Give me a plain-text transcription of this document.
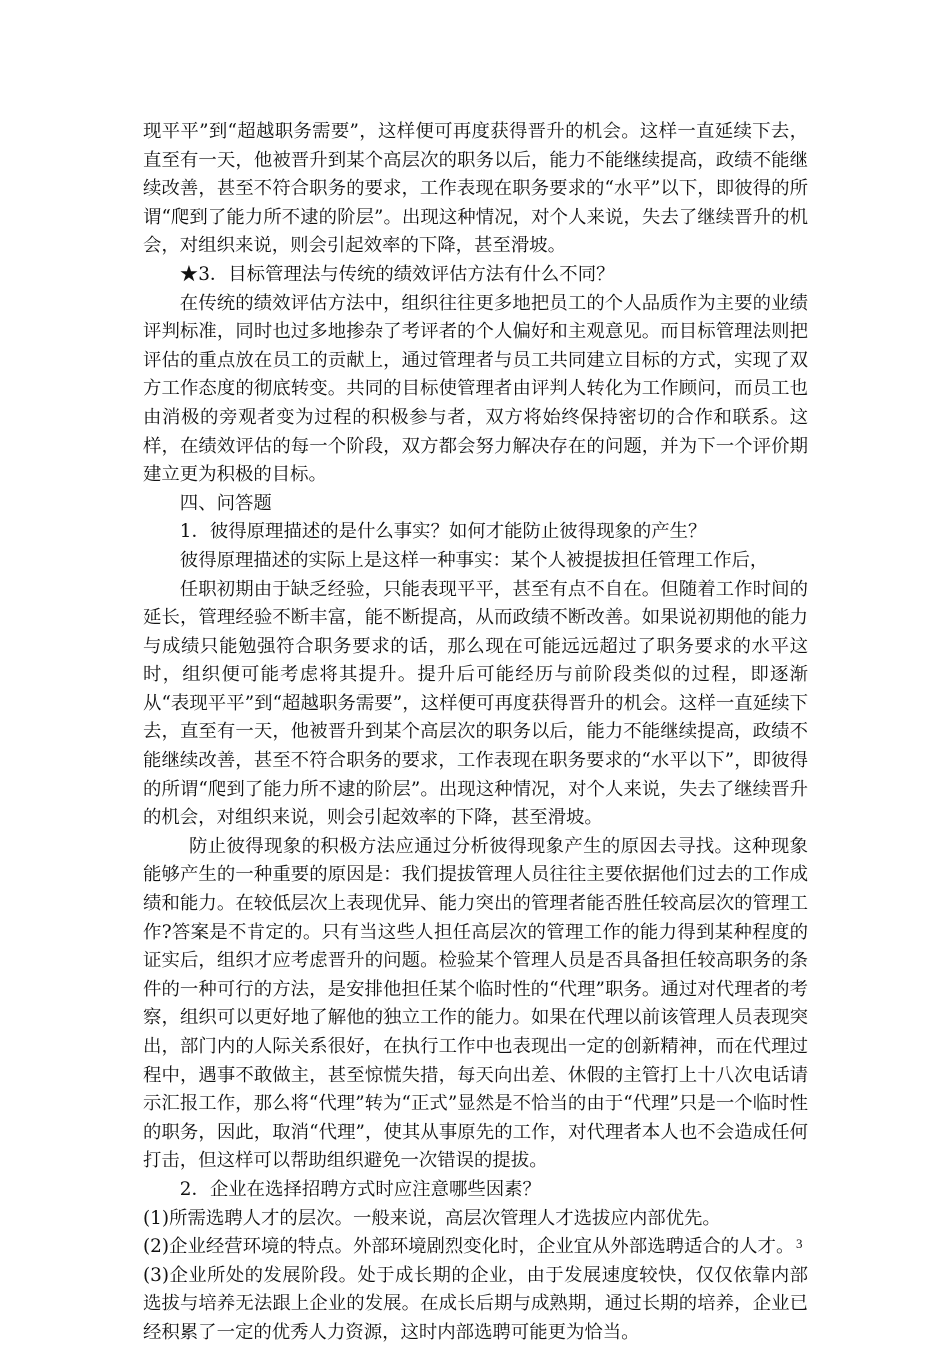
现平平”到“超越职务需要”，这样便可再度获得晋升的机会。这样一直延续下去，直至有一天，他被晋升到某个高层次的职务以后，能力不能继续提高，政绩不能继续改善，甚至不符合职务的要求，工作表现在职务要求的“水平”以下，即彼得的所谓“爬到了能力所不逮的阶层”。出现这种情况，对个人来说，失去了继续晋升的机会，对组织来说，则会引起效率的下降，甚至滑坡。

★3．目标管理法与传统的绩效评估方法有什么不同？

在传统的绩效评估方法中，组织往往更多地把员工的个人品质作为主要的业绩评判标准，同时也过多地掺杂了考评者的个人偏好和主观意见。而目标管理法则把评估的重点放在员工的贡献上，通过管理者与员工共同建立目标的方式，实现了双方工作态度的彻底转变。共同的目标使管理者由评判人转化为工作顾问，而员工也由消极的旁观者变为过程的积极参与者，双方将始终保持密切的合作和联系。这样，在绩效评估的每一个阶段，双方都会努力解决存在的问题，并为下一个评价期建立更为积极的目标。

四、问答题

1．彼得原理描述的是什么事实？如何才能防止彼得现象的产生？

彼得原理描述的实际上是这样一种事实：某个人被提拔担任管理工作后，

任职初期由于缺乏经验，只能表现平平，甚至有点不自在。但随着工作时间的延长，管理经验不断丰富，能不断提高，从而政绩不断改善。如果说初期他的能力与成绩只能勉强符合职务要求的话，那么现在可能远远超过了职务要求的水平这时，组织便可能考虑将其提升。提升后可能经历与前阶段类似的过程，即逐渐从“表现平平”到“超越职务需要”，这样便可再度获得晋升的机会。这样一直延续下去，直至有一天，他被晋升到某个高层次的职务以后，能力不能继续提高，政绩不能继续改善，甚至不符合职务的要求，工作表现在职务要求的“水平以下”，即彼得的所谓“爬到了能力所不逮的阶层”。出现这种情况，对个人来说，失去了继续晋升的机会，对组织来说，则会引起效率的下降，甚至滑坡。

防止彼得现象的积极方法应通过分析彼得现象产生的原因去寻找。这种现象能够产生的一种重要的原因是：我们提拔管理人员往往主要依据他们过去的工作成绩和能力。在较低层次上表现优异、能力突出的管理者能否胜任较高层次的管理工作?答案是不肯定的。只有当这些人担任高层次的管理工作的能力得到某种程度的证实后，组织才应考虑晋升的问题。检验某个管理人员是否具备担任较高职务的条件的一种可行的方法，是安排他担任某个临时性的“代理”职务。通过对代理者的考察，组织可以更好地了解他的独立工作的能力。如果在代理以前该管理人员表现突出，部门内的人际关系很好，在执行工作中也表现出一定的创新精神，而在代理过程中，遇事不敢做主，甚至惊慌失措，每天向出差、休假的主管打上十八次电话请示汇报工作，那么将“代理”转为“正式”显然是不恰当的由于“代理”只是一个临时性的职务，因此，取消“代理”，使其从事原先的工作，对代理者本人也不会造成任何打击，但这样可以帮助组织避免一次错误的提拔。

2．企业在选择招聘方式时应注意哪些因素？

(1)所需选聘人才的层次。一般来说，高层次管理人才选拔应内部优先。

(2)企业经营环境的特点。外部环境剧烈变化时，企业宜从外部选聘适合的人才。

(3)企业所处的发展阶段。处于成长期的企业，由于发展速度较快，仅仅依靠内部选拔与培养无法跟上企业的发展。在成长后期与成熟期，通过长期的培养，企业已经积累了一定的优秀人力资源，这时内部选聘可能更为恰当。

3
